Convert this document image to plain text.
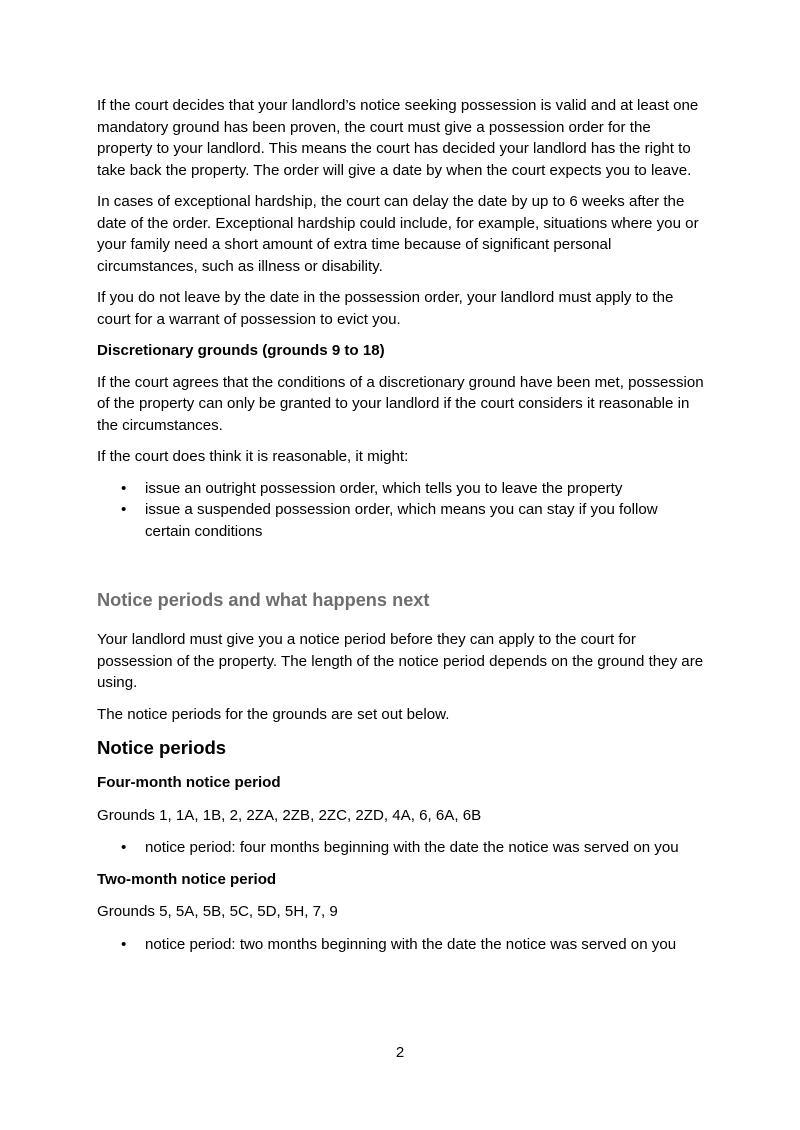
If the court decides that your landlord’s notice seeking possession is valid and at least one mandatory ground has been proven, the court must give a possession order for the property to your landlord. This means the court has decided your landlord has the right to take back the property. The order will give a date by when the court expects you to leave.

In cases of exceptional hardship, the court can delay the date by up to 6 weeks after the date of the order. Exceptional hardship could include, for example, situations where you or your family need a short amount of extra time because of significant personal circumstances, such as illness or disability.

If you do not leave by the date in the possession order, your landlord must apply to the court for a warrant of possession to evict you.

Discretionary grounds (grounds 9 to 18)

If the court agrees that the conditions of a discretionary ground have been met, possession of the property can only be granted to your landlord if the court considers it reasonable in the circumstances.

If the court does think it is reasonable, it might:

• issue an outright possession order, which tells you to leave the property
• issue a suspended possession order, which means you can stay if you follow certain conditions
Notice periods and what happens next

Your landlord must give you a notice period before they can apply to the court for possession of the property. The length of the notice period depends on the ground they are using.

The notice periods for the grounds are set out below.

Notice periods
Four-month notice period

Grounds 1, 1A, 1B, 2, 2ZA, 2ZB, 2ZC, 2ZD, 4A, 6, 6A, 6B

• notice period: four months beginning with the date the notice was served on you
Two-month notice period

Grounds 5, 5A, 5B, 5C, 5D, 5H, 7, 9

• notice period: two months beginning with the date the notice was served on you
2
